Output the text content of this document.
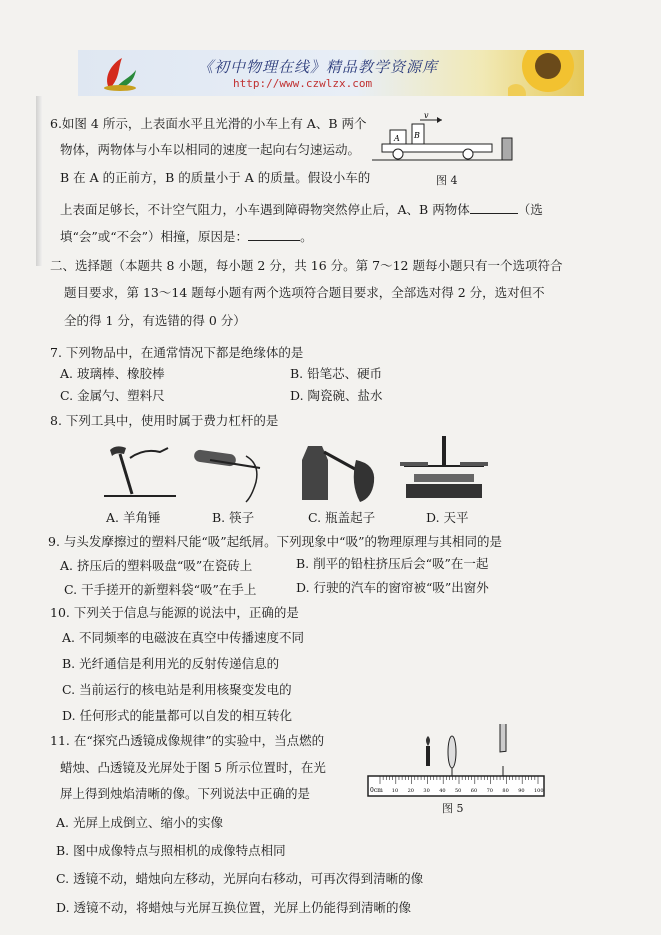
《初中物理在线》精品教学资源库
http://www.czwlzx.com
6.如图 4 所示，上表面水平且光滑的小车上有 A、B 两个
物体，两物体与小车以相同的速度一起向右匀速运动。
B 在 A 的正前方，B 的质量小于 A 的质量。假设小车的
上表面足够长，不计空气阻力，小车遇到障碍物突然停止后，A、B 两物体	（选
填“会”或“不会”）相撞，原因是：	。
v
A B
图 4
二、选择题（本题共 8 小题，每小题 2 分，共 16 分。第 7～12 题每小题只有一个选项符合
题目要求，第 13～14 题每小题有两个选项符合题目要求，全部选对得 2 分，选对但不
全的得 1 分，有选错的得 0 分）
7. 下列物品中，在通常情况下都是绝缘体的是
A. 玻璃棒、橡胶棒	B. 铅笔芯、硬币
C. 金属勺、塑料尺	D. 陶瓷碗、盐水
8. 下列工具中，使用时属于费力杠杆的是
A. 羊角锤	B. 筷子	C. 瓶盖起子	D. 天平
9. 与头发摩擦过的塑料尺能“吸”起纸屑。下列现象中“吸”的物理原理与其相同的是
A. 挤压后的塑料吸盘“吸”在瓷砖上	B. 削平的铅柱挤压后会“吸”在一起
C. 干手搓开的新塑料袋“吸”在手上	D. 行驶的汽车的窗帘被“吸”出窗外
10. 下列关于信息与能源的说法中，正确的是
A. 不同频率的电磁波在真空中传播速度不同
B. 光纤通信是利用光的反射传递信息的
C. 当前运行的核电站是利用核聚变发电的
D. 任何形式的能量都可以自发的相互转化
11. 在“探究凸透镜成像规律”的实验中，当点燃的
蜡烛、凸透镜及光屏处于图 5 所示位置时，在光
屏上得到烛焰清晰的像。下列说法中正确的是	10 20 30 40 50 60 70 80 90 100
0cm
图 5
A. 光屏上成倒立、缩小的实像
B. 图中成像特点与照相机的成像特点相同
C. 透镜不动，蜡烛向左移动，光屏向右移动，可再次得到清晰的像
D. 透镜不动，将蜡烛与光屏互换位置，光屏上仍能得到清晰的像
